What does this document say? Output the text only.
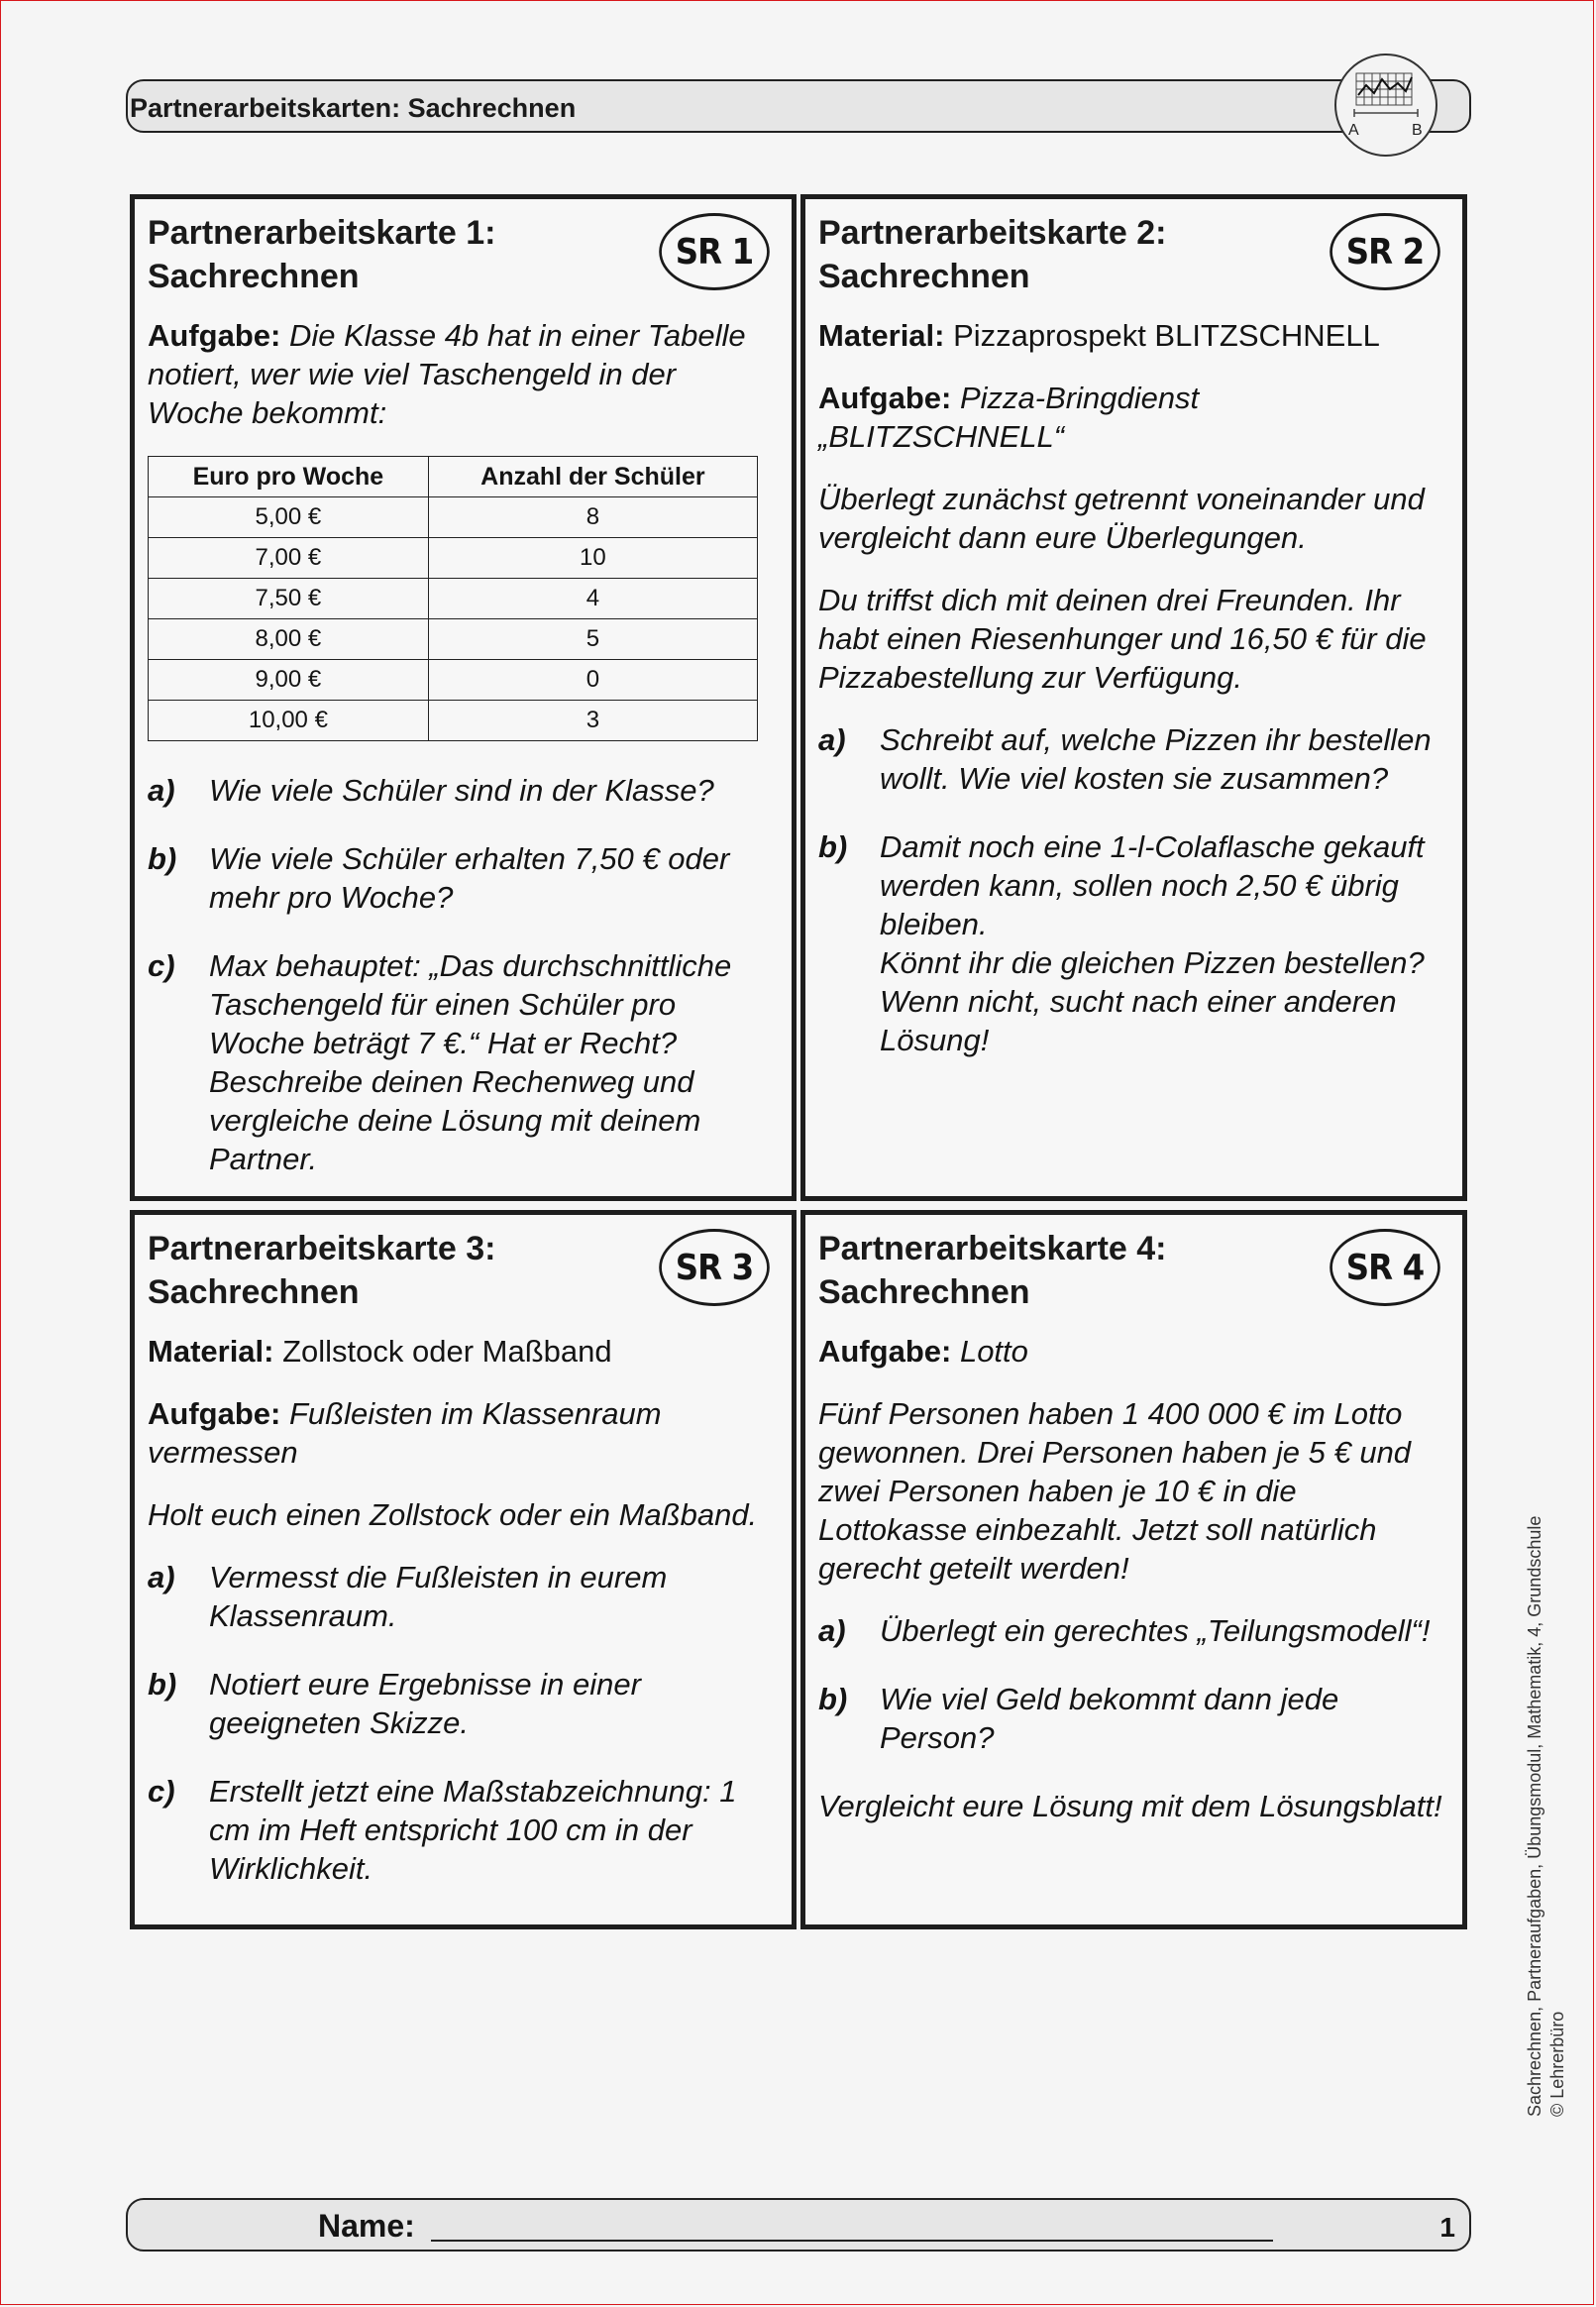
Partnerarbeitskarten: Sachrechnen
A	B
Partnerarbeitskarte 1:
Sachrechnen
SR 1

Aufgabe: Die Klasse 4b hat in einer Tabelle notiert, wer wie viel Taschengeld in der Woche bekommt:

Euro pro Woche	Anzahl der Schüler
5,00 €	8
7,00 €	10
7,50 €	4
8,00 €	5
9,00 €	0
10,00 €	3
a)	Wie viele Schüler sind in der Klasse?
b)	Wie viele Schüler erhalten 7,50 € oder mehr pro Woche?
c)	Max behauptet: „Das durchschnittliche Taschengeld für einen Schüler pro Woche beträgt 7 €.“ Hat er Recht? Beschreibe deinen Rechenweg und vergleiche deine Lösung mit deinem Partner.
Partnerarbeitskarte 2:
Sachrechnen
SR 2

Material: Pizzaprospekt BLITZSCHNELL

Aufgabe: Pizza-Bringdienst „BLITZSCHNELL“

Überlegt zunächst getrennt voneinander und vergleicht dann eure Überlegungen.

Du triffst dich mit deinen drei Freunden. Ihr habt einen Riesenhunger und 16,50 € für die Pizzabestellung zur Verfügung.

a)	Schreibt auf, welche Pizzen ihr bestellen wollt. Wie viel kosten sie zusammen?
b)	Damit noch eine 1-l-Colaflasche gekauft werden kann, sollen noch 2,50 € übrig bleiben.
Könnt ihr die gleichen Pizzen bestellen? Wenn nicht, sucht nach einer anderen Lösung!
Partnerarbeitskarte 3:
Sachrechnen
SR 3

Material: Zollstock oder Maßband

Aufgabe: Fußleisten im Klassenraum vermessen

Holt euch einen Zollstock oder ein Maßband.

a)	Vermesst die Fußleisten in eurem Klassenraum.
b)	Notiert eure Ergebnisse in einer geeigneten Skizze.
c)	Erstellt jetzt eine Maßstabzeichnung: 1 cm im Heft entspricht 100 cm in der Wirklichkeit.
Partnerarbeitskarte 4:
Sachrechnen
SR 4

Aufgabe: Lotto

Fünf Personen haben 1 400 000 € im Lotto gewonnen. Drei Personen haben je 5 € und zwei Personen haben je 10 € in die Lottokasse einbezahlt. Jetzt soll natürlich gerecht geteilt werden!

a)	Überlegt ein gerechtes „Teilungsmodell“!
b)	Wie viel Geld bekommt dann jede Person?

Vergleicht eure Lösung mit dem Lösungsblatt!

Name:	1
Sachrechnen, Partneraufgaben, Übungsmodul, Mathematik, 4, Grundschule © Lehrerbüro
